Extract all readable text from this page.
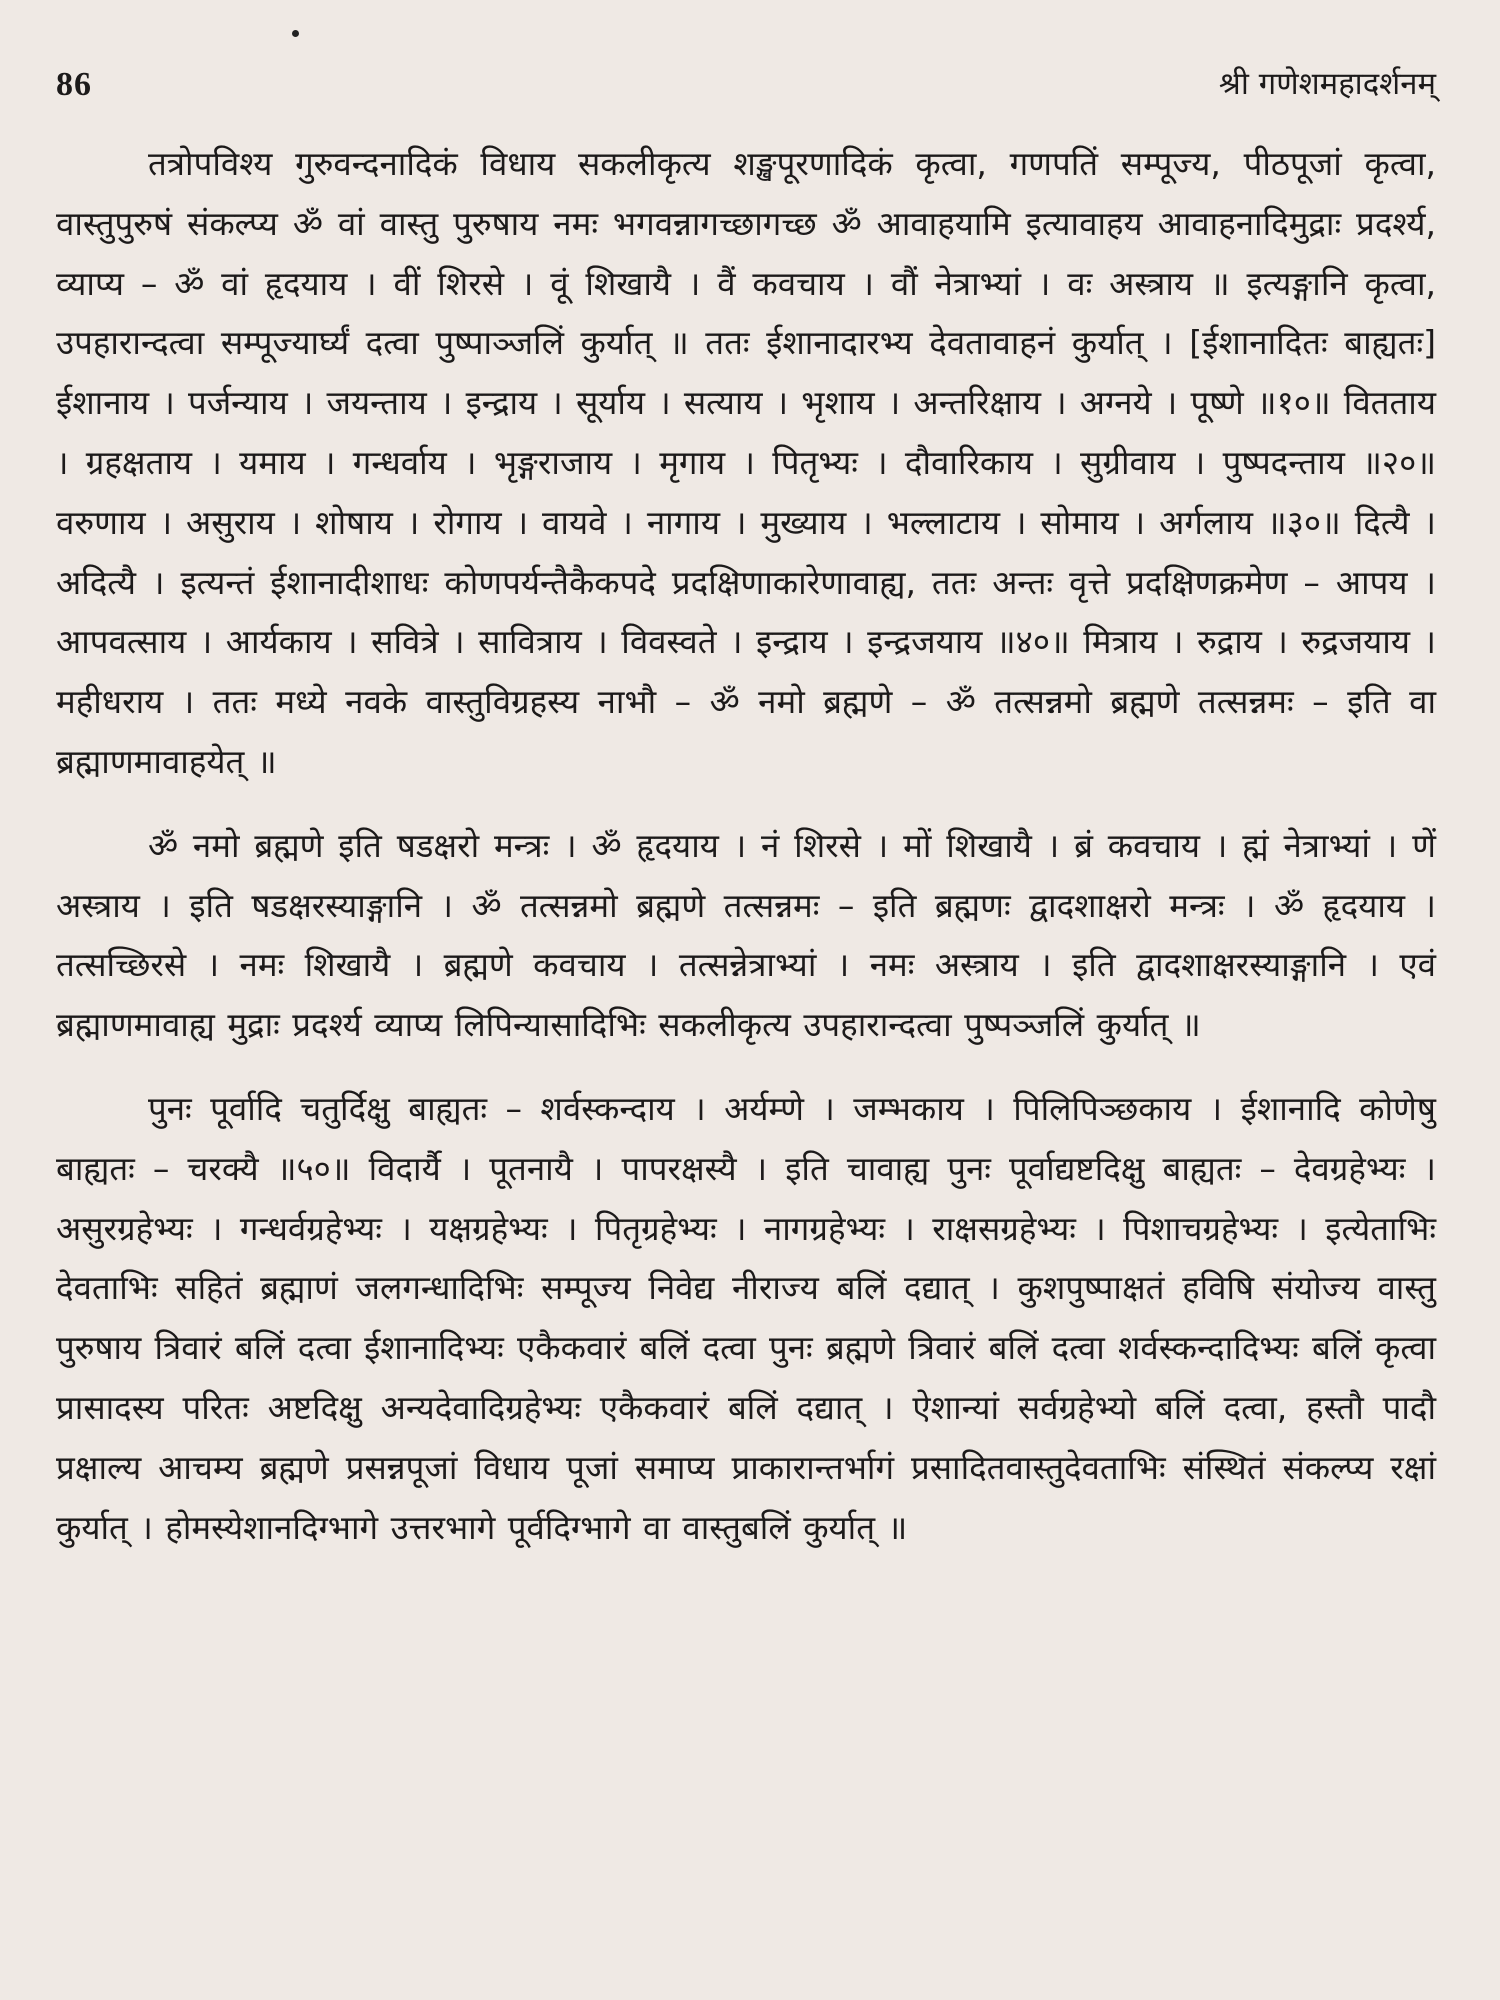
86	श्री गणेशमहादर्शनम्

तत्रोपविश्य गुरुवन्दनादिकं विधाय सकलीकृत्य शङ्खपूरणादिकं कृत्वा, गणपतिं सम्पूज्य, पीठपूजां कृत्वा, वास्तुपुरुषं संकल्प्य ॐ वां वास्तु पुरुषाय नमः भगवन्नागच्छागच्छ ॐ आवाहयामि इत्यावाहय आवाहनादिमुद्राः प्रदर्श्य, व्याप्य – ॐ वां हृदयाय । वीं शिरसे । वूं शिखायै । वैं कवचाय । वौं नेत्राभ्यां । वः अस्त्राय ॥ इत्यङ्गानि कृत्वा, उपहारान्दत्वा सम्पूज्यार्घ्यं दत्वा पुष्पाञ्जलिं कुर्यात् ॥ ततः ईशानादारभ्य देवतावाहनं कुर्यात् । [ईशानादितः बाह्यतः] ईशानाय । पर्जन्याय । जयन्ताय । इन्द्राय । सूर्याय । सत्याय । भृशाय । अन्तरिक्षाय । अग्नये । पूष्णे ॥१०॥ वितताय । ग्रहक्षताय । यमाय । गन्धर्वाय । भृङ्गराजाय । मृगाय । पितृभ्यः । दौवारिकाय । सुग्रीवाय । पुष्पदन्ताय ॥२०॥ वरुणाय । असुराय । शोषाय । रोगाय । वायवे । नागाय । मुख्याय । भल्लाटाय । सोमाय । अर्गलाय ॥३०॥ दित्यै । अदित्यै । इत्यन्तं ईशानादीशाधः कोणपर्यन्तैकैकपदे प्रदक्षिणाकारेणावाह्य, ततः अन्तः वृत्ते प्रदक्षिणक्रमेण – आपय । आपवत्साय । आर्यकाय । सवित्रे । सावित्राय । विवस्वते । इन्द्राय । इन्द्रजयाय ॥४०॥ मित्राय । रुद्राय । रुद्रजयाय । महीधराय । ततः मध्ये नवके वास्तुविग्रहस्य नाभौ – ॐ नमो ब्रह्मणे – ॐ तत्सन्नमो ब्रह्मणे तत्सन्नमः – इति वा ब्रह्माणमावाहयेत् ॥

ॐ नमो ब्रह्मणे इति षडक्षरो मन्त्रः । ॐ हृदयाय । नं शिरसे । मों शिखायै । ब्रं कवचाय । ह्मं नेत्राभ्यां । णें अस्त्राय । इति षडक्षरस्याङ्गानि । ॐ तत्सन्नमो ब्रह्मणे तत्सन्नमः – इति ब्रह्मणः द्वादशाक्षरो मन्त्रः । ॐ हृदयाय । तत्सच्छिरसे । नमः शिखायै । ब्रह्मणे कवचाय । तत्सन्नेत्राभ्यां । नमः अस्त्राय । इति द्वादशाक्षरस्याङ्गानि । एवं ब्रह्माणमावाह्य मुद्राः प्रदर्श्य व्याप्य लिपिन्यासादिभिः सकलीकृत्य उपहारान्दत्वा पुष्पञ्जलिं कुर्यात् ॥

पुनः पूर्वादि चतुर्दिक्षु बाह्यतः – शर्वस्कन्दाय । अर्यम्णे । जम्भकाय । पिलिपिञ्छकाय । ईशानादि कोणेषु बाह्यतः – चरक्यै ॥५०॥ विदार्यै । पूतनायै । पापरक्षस्यै । इति चावाह्य पुनः पूर्वाद्यष्टदिक्षु बाह्यतः – देवग्रहेभ्यः । असुरग्रहेभ्यः । गन्धर्वग्रहेभ्यः । यक्षग्रहेभ्यः । पितृग्रहेभ्यः । नागग्रहेभ्यः । राक्षसग्रहेभ्यः । पिशाचग्रहेभ्यः । इत्येताभिः देवताभिः सहितं ब्रह्माणं जलगन्धादिभिः सम्पूज्य निवेद्य नीराज्य बलिं दद्यात् । कुशपुष्पाक्षतं हविषि संयोज्य वास्तु पुरुषाय त्रिवारं बलिं दत्वा ईशानादिभ्यः एकैकवारं बलिं दत्वा पुनः ब्रह्मणे त्रिवारं बलिं दत्वा शर्वस्कन्दादिभ्यः बलिं कृत्वा प्रासादस्य परितः अष्टदिक्षु अन्यदेवादिग्रहेभ्यः एकैकवारं बलिं दद्यात् । ऐशान्यां सर्वग्रहेभ्यो बलिं दत्वा, हस्तौ पादौ प्रक्षाल्य आचम्य ब्रह्मणे प्रसन्नपूजां विधाय पूजां समाप्य प्राकारान्तर्भागं प्रसादितवास्तुदेवताभिः संस्थितं संकल्प्य रक्षां कुर्यात् । होमस्येशानदिग्भागे उत्तरभागे पूर्वदिग्भागे वा वास्तुबलिं कुर्यात् ॥
